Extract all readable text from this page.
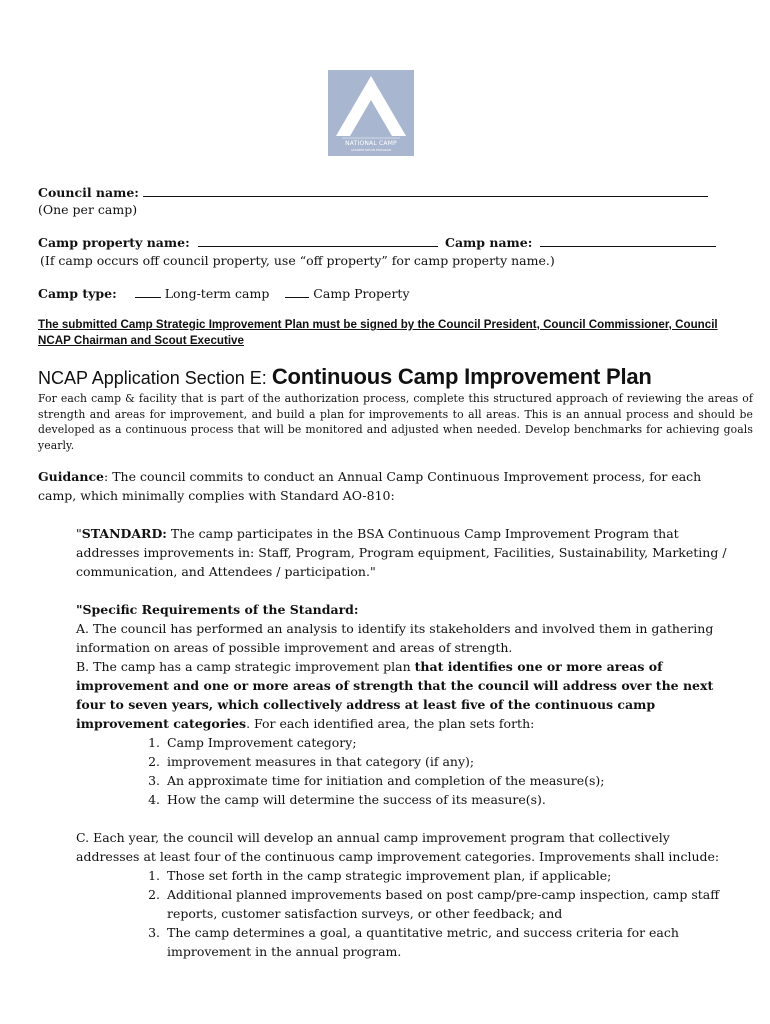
NATIONAL CAMP
ACCREDITATION PROGRAM
Council name:
(One per camp)
Camp property name:	Camp name:
(If camp occurs off council property, use “off property” for camp property name.)
Camp type:	Long-term camp	Camp Property
The submitted Camp Strategic Improvement Plan must be signed by the Council President, Council Commissioner, Council
NCAP Chairman and Scout Executive
NCAP Application Section E: Continuous Camp Improvement Plan
For each camp & facility that is part of the authorization process, complete this structured approach of reviewing the areas of strength and areas for improvement, and build a plan for improvements to all areas. This is an annual process and should be developed as a continuous process that will be monitored and adjusted when needed. Develop benchmarks for achieving goals yearly.
Guidance: The council commits to conduct an Annual Camp Continuous Improvement process, for each camp, which minimally complies with Standard AO-810:
"STANDARD: The camp participates in the BSA Continuous Camp Improvement Program that addresses improvements in: Staff, Program, Program equipment, Facilities, Sustainability, Marketing / communication, and Attendees / participation."

"Specific Requirements of the Standard:

A. The council has performed an analysis to identify its stakeholders and involved them in gathering information on areas of possible improvement and areas of strength.

B. The camp has a camp strategic improvement plan that identifies one or more areas of improvement and one or more areas of strength that the council will address over the next four to seven years, which collectively address at least five of the continuous camp improvement categories. For each identified area, the plan sets forth:

1. Camp Improvement category;
2. improvement measures in that category (if any);
3. An approximate time for initiation and completion of the measure(s);
4. How the camp will determine the success of its measure(s).

C. Each year, the council will develop an annual camp improvement program that collectively addresses at least four of the continuous camp improvement categories. Improvements shall include:

1. Those set forth in the camp strategic improvement plan, if applicable;
2. Additional planned improvements based on post camp/pre-camp inspection, camp staff reports, customer satisfaction surveys, or other feedback; and
3. The camp determines a goal, a quantitative metric, and success criteria for each improvement in the annual program.
